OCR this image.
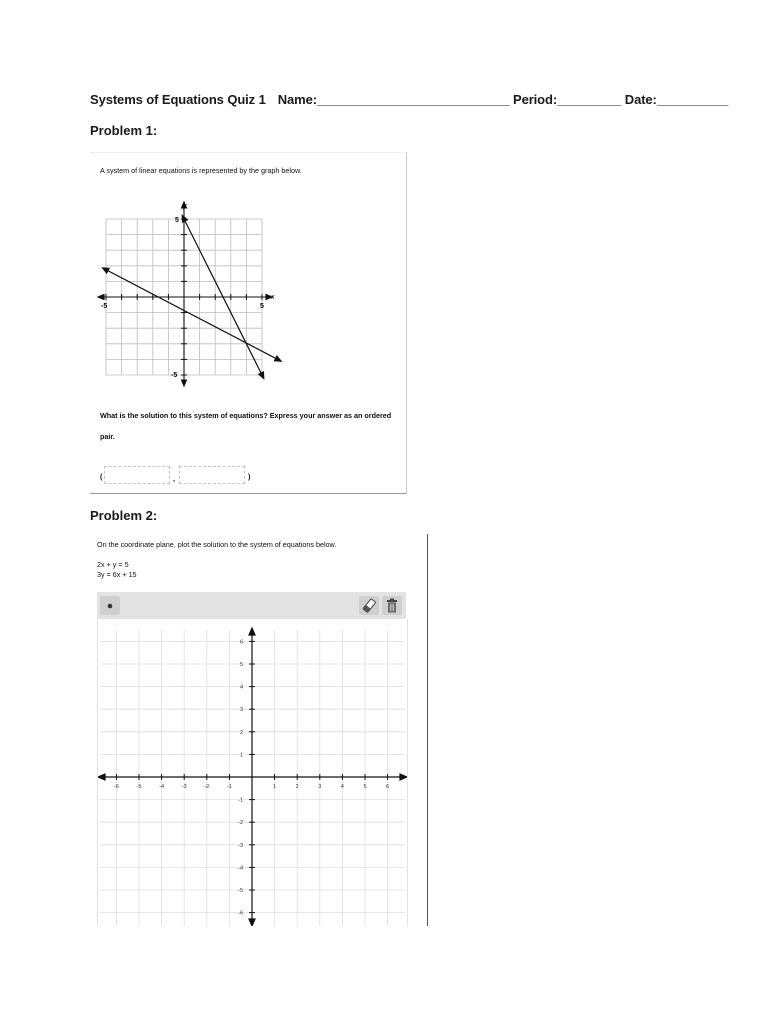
Systems of Equations Quiz 1 Name:___________________________ Period:_________ Date:__________
Problem 1:
A system of linear equations is represented by the graph below.
x
y
-5	5
5
-5
What is the solution to this system of equations? Express your answer as an ordered
pair.
(	,	)
Problem 2:
On the coordinate plane, plot the solution to the system of equations below.
2x + y = 5
3y = 6x + 15
-6	-5	-4	-3	-2	-1	1	2	3	4	5	6
6
5
4
3
2
1
-1
-2
-3
-4
-5
-6
